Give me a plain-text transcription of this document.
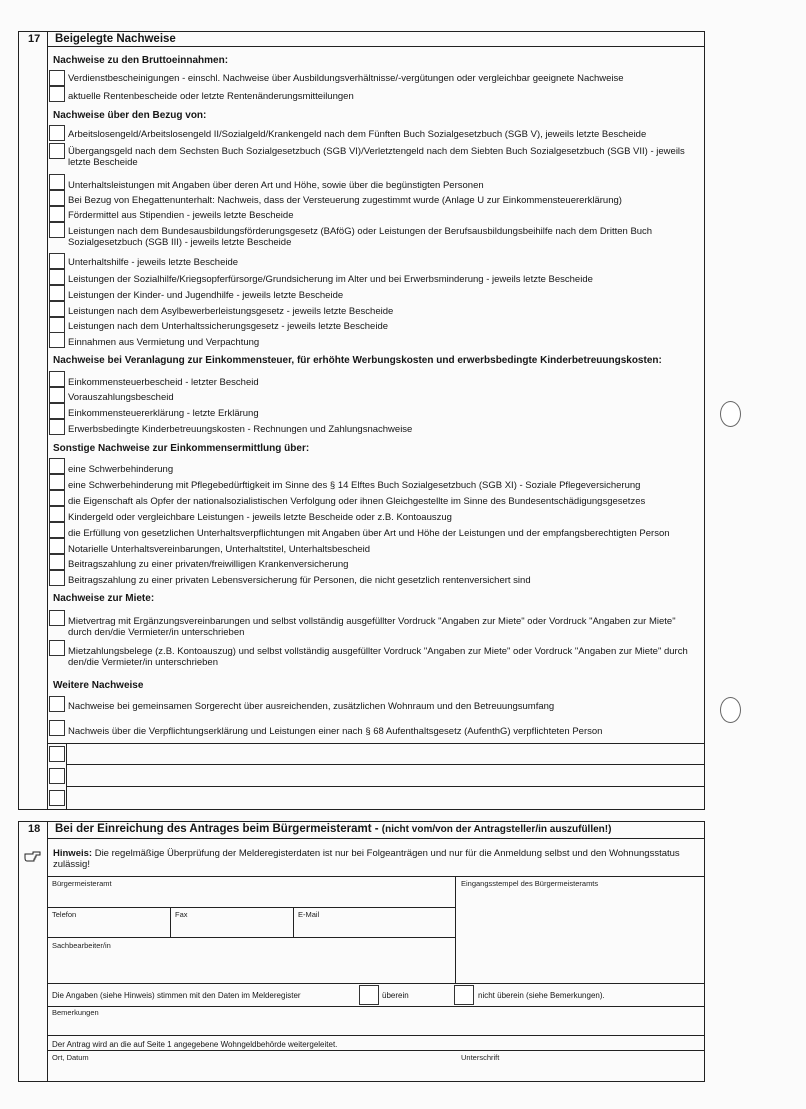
17 Beigelegte Nachweise
Nachweise zu den Bruttoeinnahmen:
Verdienstbescheinigungen - einschl. Nachweise über Ausbildungsverhältnisse/-vergütungen oder vergleichbar geeignete Nachweise
aktuelle Rentenbescheide oder letzte Rentenänderungsmitteilungen
Nachweise über den Bezug von:
Arbeitslosengeld/Arbeitslosengeld II/Sozialgeld/Krankengeld nach dem Fünften Buch Sozialgesetzbuch (SGB V), jeweils letzte Bescheide
Übergangsgeld nach dem Sechsten Buch Sozialgesetzbuch (SGB VI)/Verletztengeld nach dem Siebten Buch Sozialgesetzbuch (SGB VII) - jeweils letzte Bescheide
Unterhaltsleistungen mit Angaben über deren Art und Höhe, sowie über die begünstigten Personen
Bei Bezug von Ehegattenunterhalt: Nachweis, dass der Versteuerung zugestimmt wurde (Anlage U zur Einkommensteuererklärung)
Fördermittel aus Stipendien - jeweils letzte Bescheide
Leistungen nach dem Bundesausbildungsförderungsgesetz (BAföG) oder Leistungen der Berufsausbildungsbeihilfe nach dem Dritten Buch Sozialgesetzbuch (SGB III) - jeweils letzte Bescheide
Unterhaltshilfe - jeweils letzte Bescheide
Leistungen der Sozialhilfe/Kriegsopferfürsorge/Grundsicherung im Alter und bei Erwerbsminderung - jeweils letzte Bescheide
Leistungen der Kinder- und Jugendhilfe - jeweils letzte Bescheide
Leistungen nach dem Asylbewerberleistungsgesetz - jeweils letzte Bescheide
Leistungen nach dem Unterhaltssicherungsgesetz - jeweils letzte Bescheide
Einnahmen aus Vermietung und Verpachtung
Nachweise bei Veranlagung zur Einkommensteuer, für erhöhte Werbungskosten und erwerbsbedingte Kinderbetreuungskosten:
Einkommensteuerbescheid - letzter Bescheid
Vorauszahlungsbescheid
Einkommensteuererklärung - letzte Erklärung
Erwerbsbedingte Kinderbetreuungskosten - Rechnungen und Zahlungsnachweise
Sonstige Nachweise zur Einkommensermittlung über:
eine Schwerbehinderung
eine Schwerbehinderung mit Pflegebedürftigkeit im Sinne des § 14 Elftes Buch Sozialgesetzbuch (SGB XI) - Soziale Pflegeversicherung
die Eigenschaft als Opfer der nationalsozialistischen Verfolgung oder ihnen Gleichgestellte im Sinne des Bundesentschädigungsgesetzes
Kindergeld oder vergleichbare Leistungen - jeweils letzte Bescheide oder z.B. Kontoauszug
die Erfüllung von gesetzlichen Unterhaltsverpflichtungen mit Angaben über Art und Höhe der Leistungen und der empfangsberechtigten Person
Notarielle Unterhaltsvereinbarungen, Unterhaltstitel, Unterhaltsbescheid
Beitragszahlung zu einer privaten/freiwilligen Krankenversicherung
Beitragszahlung zu einer privaten Lebensversicherung für Personen, die nicht gesetzlich rentenversichert sind
Nachweise zur Miete:
Mietvertrag mit Ergänzungsvereinbarungen und selbst vollständig ausgefüllter Vordruck "Angaben zur Miete" oder Vordruck "Angaben zur Miete" durch den/die Vermieter/in unterschrieben
Mietzahlungsbelege (z.B. Kontoauszug) und selbst vollständig ausgefüllter Vordruck "Angaben zur Miete" oder Vordruck "Angaben zur Miete" durch den/die Vermieter/in unterschrieben
Weitere Nachweise
Nachweise bei gemeinsamen Sorgerecht über ausreichenden, zusätzlichen Wohnraum und den Betreuungsumfang
Nachweis über die Verpflichtungserklärung und Leistungen einer nach § 68 Aufenthaltsgesetz (AufenthG) verpflichteten Person
18 Bei der Einreichung des Antrages beim Bürgermeisteramt - (nicht vom/von der Antragsteller/in auszufüllen!)
Hinweis: Die regelmäßige Überprüfung der Melderegisterdaten ist nur bei Folgeanträgen und nur für die Anmeldung selbst und den Wohnungsstatus zulässig!
Bürgermeisteramt	Eingangsstempel des Bürgermeisteramts
Telefon	Fax	E-Mail
Sachbearbeiter/in
Die Angaben (siehe Hinweis) stimmen mit den Daten im Melderegister	überein	nicht überein (siehe Bemerkungen).
Bemerkungen
Der Antrag wird an die auf Seite 1 angegebene Wohngeldbehörde weitergeleitet.
Ort, Datum	Unterschrift
